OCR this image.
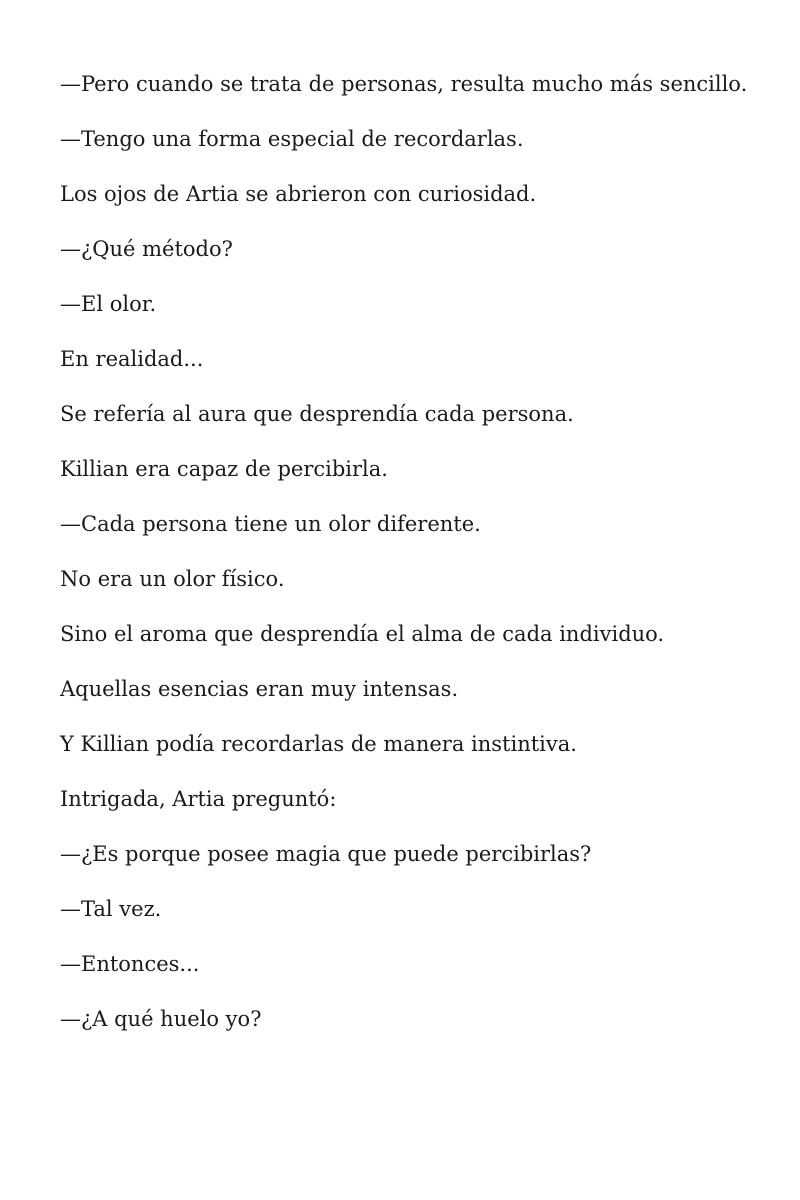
—Pero cuando se trata de personas, resulta mucho más sencillo.

—Tengo una forma especial de recordarlas.

Los ojos de Artia se abrieron con curiosidad.

—¿Qué método?

—El olor.

En realidad...

Se refería al aura que desprendía cada persona.

Killian era capaz de percibirla.

—Cada persona tiene un olor diferente.

No era un olor físico.

Sino el aroma que desprendía el alma de cada individuo.

Aquellas esencias eran muy intensas.

Y Killian podía recordarlas de manera instintiva.

Intrigada, Artia preguntó:

—¿Es porque posee magia que puede percibirlas?

—Tal vez.

—Entonces...

—¿A qué huelo yo?
